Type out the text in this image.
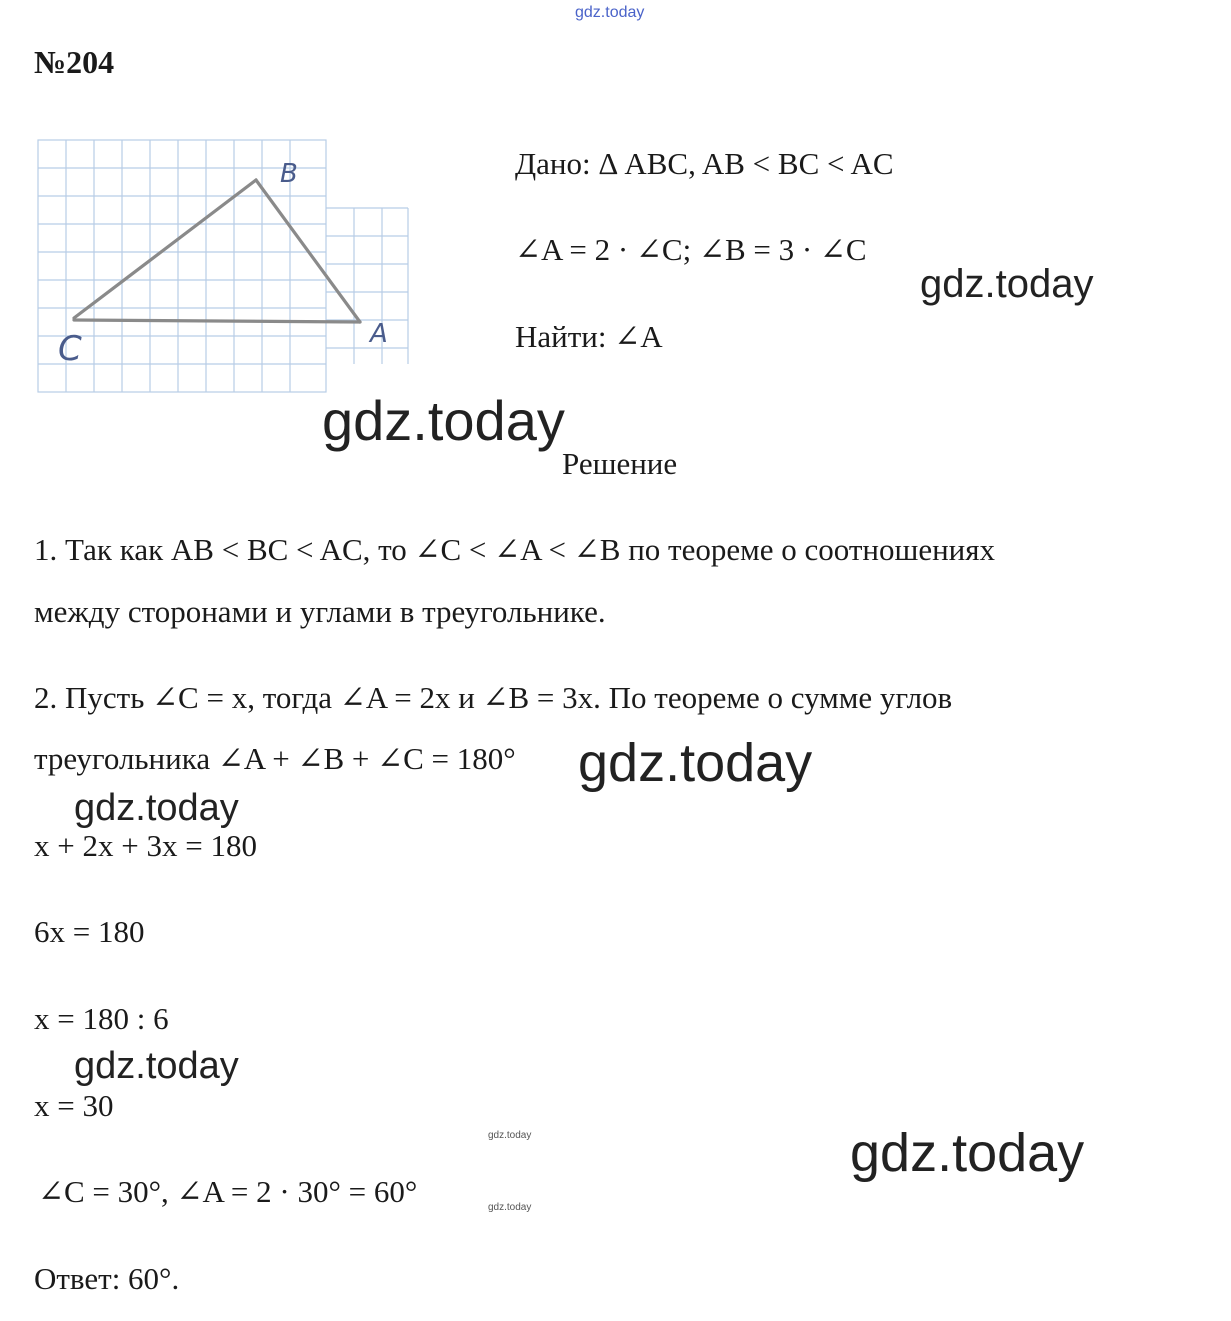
gdz.today
№204
B
A
C
Дано: Δ ABC, AB < BC < AC
∠A = 2 · ∠C; ∠B = 3 · ∠C
Найти: ∠A
gdz.today
gdz.today
Решение
1. Так как AB < BC < AC, то ∠C < ∠A < ∠B по теореме о соотношениях
между сторонами и углами в треугольнике.
2. Пусть ∠C = x, тогда ∠A = 2x и ∠B = 3x. По теореме о сумме углов
треугольника ∠A + ∠B + ∠C = 180° gdz.today
gdz.today
x + 2x + 3x = 180
6x = 180
x = 180 : 6
gdz.today
x = 30
gdz.today	gdz.today
∠C = 30°, ∠A = 2 · 30° = 60°	gdz.today
Ответ: 60°.
